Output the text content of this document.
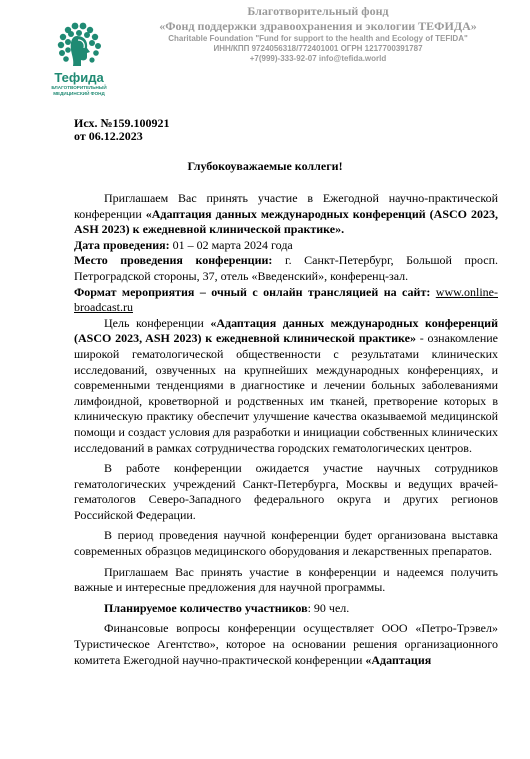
Тефида
БЛАГОТВОРИТЕЛЬНЫЙ
МЕДИЦИНСКИЙ ФОНД
Благотворительный фонд
«Фонд поддержки здравоохранения и экологии ТЕФИДА»
Charitable Foundation "Fund for support to the health and Ecology of TEFIDA"
ИНН/КПП 9724056318/772401001 ОГРН 1217700391787
+7(999)-333-92-07 info@tefida.world
Исх. №159.100921
от 06.12.2023
Глубокоуважаемые коллеги!

Приглашаем Вас принять участие в Ежегодной научно-практической конференции «Адаптация данных международных конференций (ASCO 2023, ASH 2023) к ежедневной клинической практике».

Дата проведения: 01 – 02 марта 2024 года

Место проведения конференции: г. Санкт-Петербург, Большой просп. Петроградской стороны, 37, отель «Введенский», конференц-зал.

Формат мероприятия – очный с онлайн трансляцией на сайт: www.online-broadcast.ru

Цель конференции «Адаптация данных международных конференций (ASCO 2023, ASH 2023) к ежедневной клинической практике» - ознакомление широкой гематологической общественности с результатами клинических исследований, озвученных на крупнейших международных конференциях, и современными тенденциями в диагностике и лечении больных заболеваниями лимфоидной, кроветворной и родственных им тканей, претворение которых в клиническую практику обеспечит улучшение качества оказываемой медицинской помощи и создаст условия для разработки и инициации собственных клинических исследований в рамках сотрудничества городских гематологических центров.

В работе конференции ожидается участие научных сотрудников гематологических учреждений Санкт-Петербурга, Москвы и ведущих врачей-гематологов Северо-Западного федерального округа и других регионов Российской Федерации.

В период проведения научной конференции будет организована выставка современных образцов медицинского оборудования и лекарственных препаратов.

Приглашаем Вас принять участие в конференции и надеемся получить важные и интересные предложения для научной программы.

Планируемое количество участников: 90 чел.

Финансовые вопросы конференции осуществляет ООО «Петро-Трэвел» Туристическое Агентство», которое на основании решения организационного комитета Ежегодной научно-практической конференции «Адаптация
